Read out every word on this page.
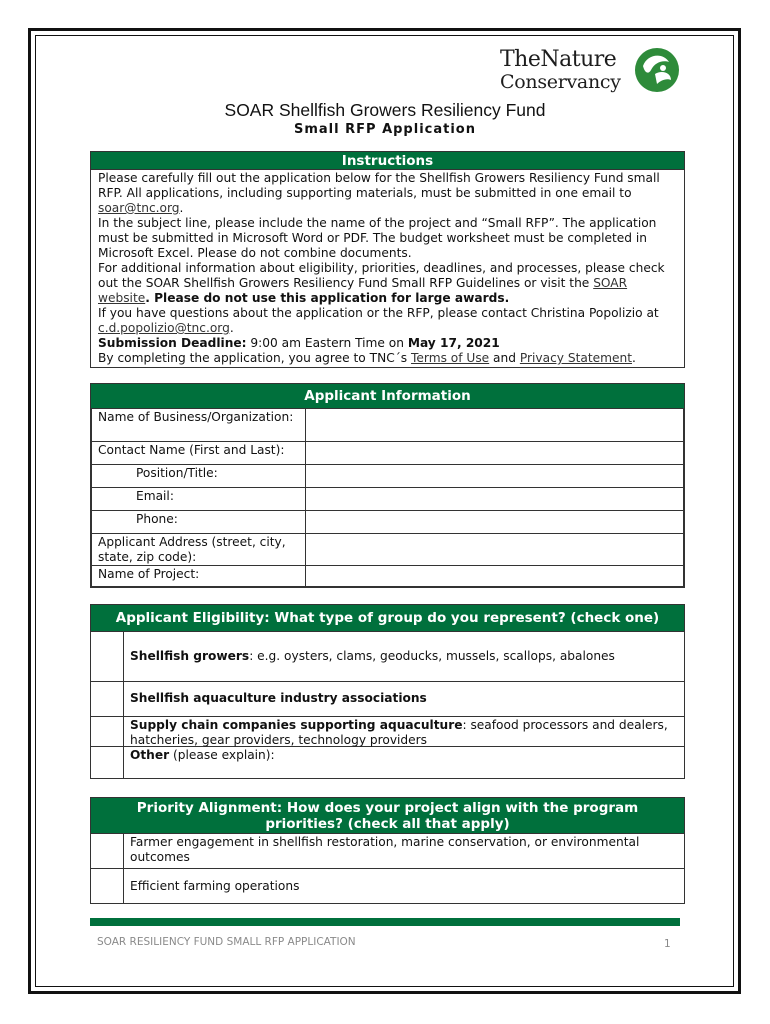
TheNature
Conservancy
SOAR Shellfish Growers Resiliency Fund
Small RFP Application
Instructions
Please carefully fill out the application below for the Shellfish Growers Resiliency Fund small RFP. All applications, including supporting materials, must be submitted in one email to soar@tnc.org.
In the subject line, please include the name of the project and “Small RFP”. The application must be submitted in Microsoft Word or PDF. The budget worksheet must be completed in Microsoft Excel. Please do not combine documents.
For additional information about eligibility, priorities, deadlines, and processes, please check out the SOAR Shellfish Growers Resiliency Fund Small RFP Guidelines or visit the SOAR website. Please do not use this application for large awards.
If you have questions about the application or the RFP, please contact Christina Popolizio at c.d.popolizio@tnc.org.
Submission Deadline: 9:00 am Eastern Time on May 17, 2021
By completing the application, you agree to TNC´s Terms of Use and Privacy Statement.
Applicant Information
Name of Business/Organization:	
Contact Name (First and Last):	
Position/Title:	
Email:	
Phone:	
Applicant Address (street, city, state, zip code):	
Name of Project:	
Applicant Eligibility: What type of group do you represent? (check one)
Shellfish growers: e.g. oysters, clams, geoducks, mussels, scallops, abalones
Shellfish aquaculture industry associations
Supply chain companies supporting aquaculture: seafood processors and dealers, hatcheries, gear providers, technology providers
Other (please explain):
Priority Alignment: How does your project align with the program priorities? (check all that apply)
Farmer engagement in shellfish restoration, marine conservation, or environmental outcomes
Efficient farming operations
SOAR RESILIENCY FUND SMALL RFP APPLICATION	1
